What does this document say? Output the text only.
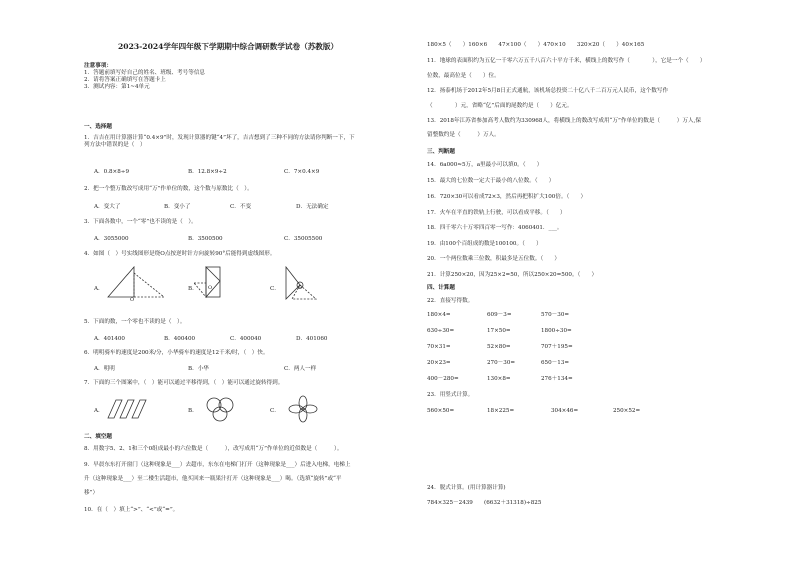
2023-2024学年四年级下学期期中综合调研数学试卷（苏教版）
注意事项：
1．答题前填写好自己的姓名、班级、考号等信息
2．请将答案正确填写在答题卡上
3．测试内容：第1~4单元
一、选择题
1．吉吉在用计算器计算“0.4×9”时，发现计算器的键“4”坏了，吉吉想到了三种不同的方法请你判断一下，下
列方法中错误的是（　）
A．0.8×8÷9	B．12.8×9÷2	C．7×0.4×9
2．把一个整万数改写成用“万”作单位的数，这个数与原数比（　）。
A．变大了	B．变小了	C．不变	D．无法确定
3．下面各数中，一个“零”也不读的是（　）。
A．3055000	B．3500500	C．35005500
4．如图（　）号实线图形是绕O点按逆时针方向旋转90°后能得到虚线图形。
A．	B．	C．
O
O	O
5．下面的数，一个零也不读的是（　）。
A．401400	B．400400	C．400040	D．401060
6．明明骑车的速度是200米/分，小华骑车的速度是12千米/时，（　）快。
A．明明	B．小华	C．两人一样
7．下面的三个图案中，（　）能可以通过平移得到，（　）能可以通过旋转得到。
A．	B．	C．
二、填空题
8．用数字5、2、1和三个0组成最小的六位数是（　　　），改写成用“万”作单位的近似数是（　　　）。
9．早晨东东打开窗门（这种现象是___）去超市，东东在电梯门打开（这种现象是___）后进入电梯，电梯上
升（这种现象是___）至二楼生活超市，他买回来一瓶果汁打开（这种现象是___）喝。（选填“旋转”或“平
移”）
10．在（　）填上“>”、“<”或“=”。
180×5（　　）160×6　　47×100（　　）470×10　　320×20（　　）40×165
11．地球的表面积约为五亿一千零六万五千八百六十平方千米，横线上的数写作（　　　　），它是一个（　　）
位数，最高位是（　　）位。
12．扬泰机场于2012年5月8日正式通航，该机场总投资二十亿八千二百万元人民币，这个数写作
（　　　　）元，省略“亿”后面的尾数约是（　　）亿元。
13．2018年江苏省参加高考人数约为330968人，将横线上的数改写成用“万”作单位的数是（　　　）万人,保
留整数约是（　　　）万人。
三、判断题
14．6a000≈5万，a里最小可以填0。（　　）
15．最大的七位数一定大于最小的八位数。（　　）
16．720×30可以看成72×3，然后再把积扩大100倍。（　　）
17．火车在平直的铁轨上行驶，可以看成平移。（　　）
18．四千零六十万零四百零一写作：4060401．___。
19．由100个百组成的数是100100。（　　）
20．一个两位数乘三位数，积最多是五位数。（　　）
21．计算250×20，因为25×2=50，所以250×20=500。（　　）
四、计算题
22．直接写得数。
180×4=	609－3=	570－30=
630÷30=	17×50=	1800÷30=
70×31=	52×80=	707＋195=
20×23=	270－30=	650－13=
400－280=	130×8=	276＋134=
23．用竖式计算。
560×50=	18×225=	304×46=	250×52=
24．脱式计算。(用计算器计算)
784×325－2439　　(6632＋31318)÷825
